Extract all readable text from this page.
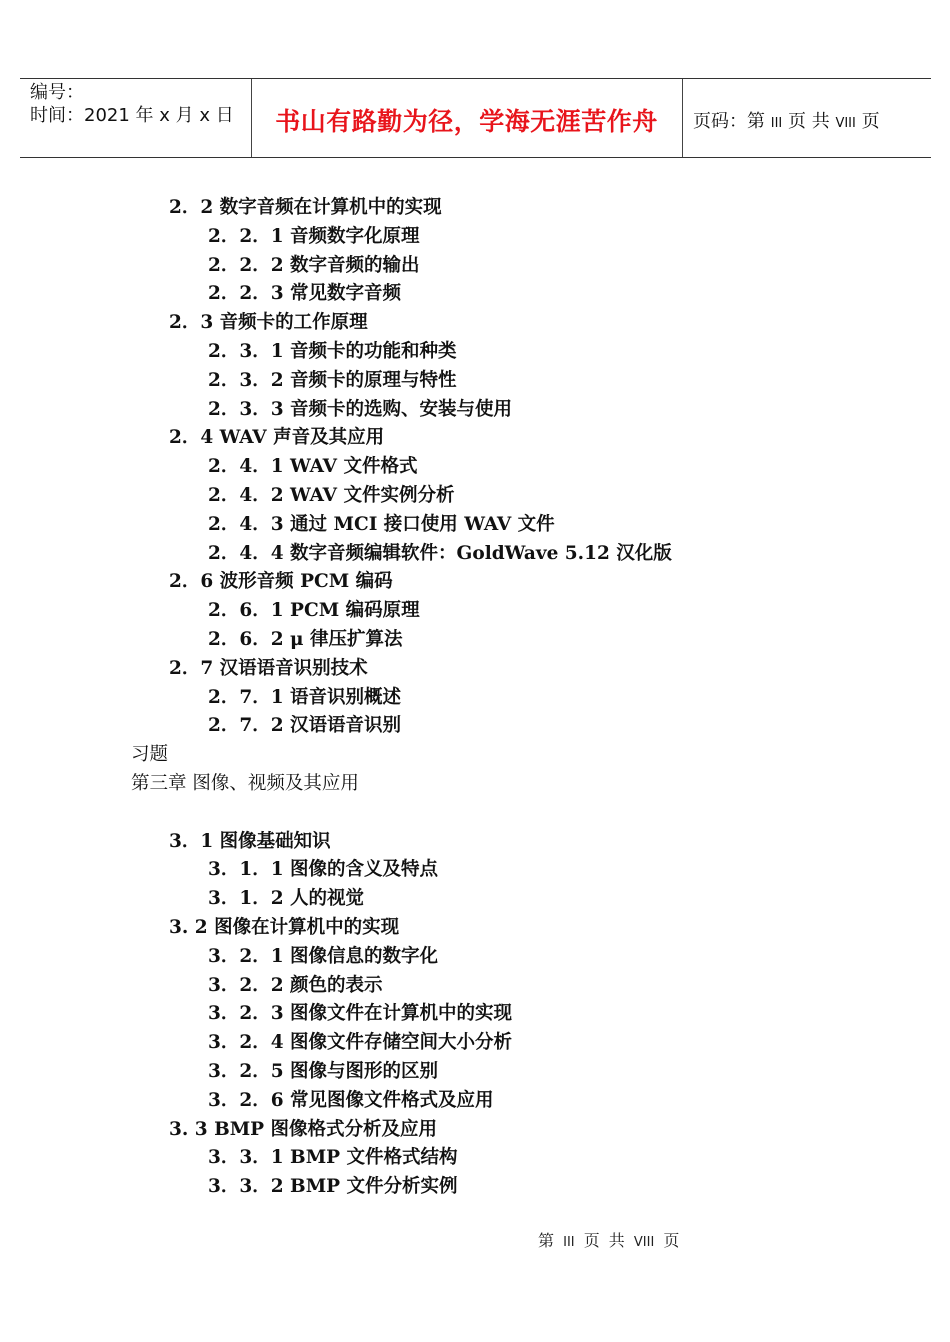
编号：
时间：2021 年 x 月 x 日	书山有路勤为径，学海无涯苦作舟	页码：第 III 页 共 VIII 页
2．2 数字音频在计算机中的实现
2．2．1 音频数字化原理
2．2．2 数字音频的输出
2．2．3 常见数字音频
2．3 音频卡的工作原理
2．3．1 音频卡的功能和种类
2．3．2 音频卡的原理与特性
2．3．3 音频卡的选购、安装与使用
2．4 WAV 声音及其应用
2．4．1 WAV 文件格式
2．4．2 WAV 文件实例分析
2．4．3 通过 MCI 接口使用 WAV 文件
2．4．4 数字音频编辑软件：GoldWave 5.12 汉化版
2．6 波形音频 PCM 编码
2．6．1 PCM 编码原理
2．6．2 μ 律压扩算法
2．7 汉语语音识别技术
2．7．1 语音识别概述
2．7．2 汉语语音识别
习题
第三章 图像、视频及其应用
3．1 图像基础知识
3．1．1 图像的含义及特点
3．1．2 人的视觉
3. 2 图像在计算机中的实现
3．2．1 图像信息的数字化
3．2．2 颜色的表示
3．2．3 图像文件在计算机中的实现
3．2．4 图像文件存储空间大小分析
3．2．5 图像与图形的区别
3．2．6 常见图像文件格式及应用
3. 3 BMP 图像格式分析及应用
3．3．1 BMP 文件格式结构
3．3．2 BMP 文件分析实例
第 III 页 共 VIII 页
